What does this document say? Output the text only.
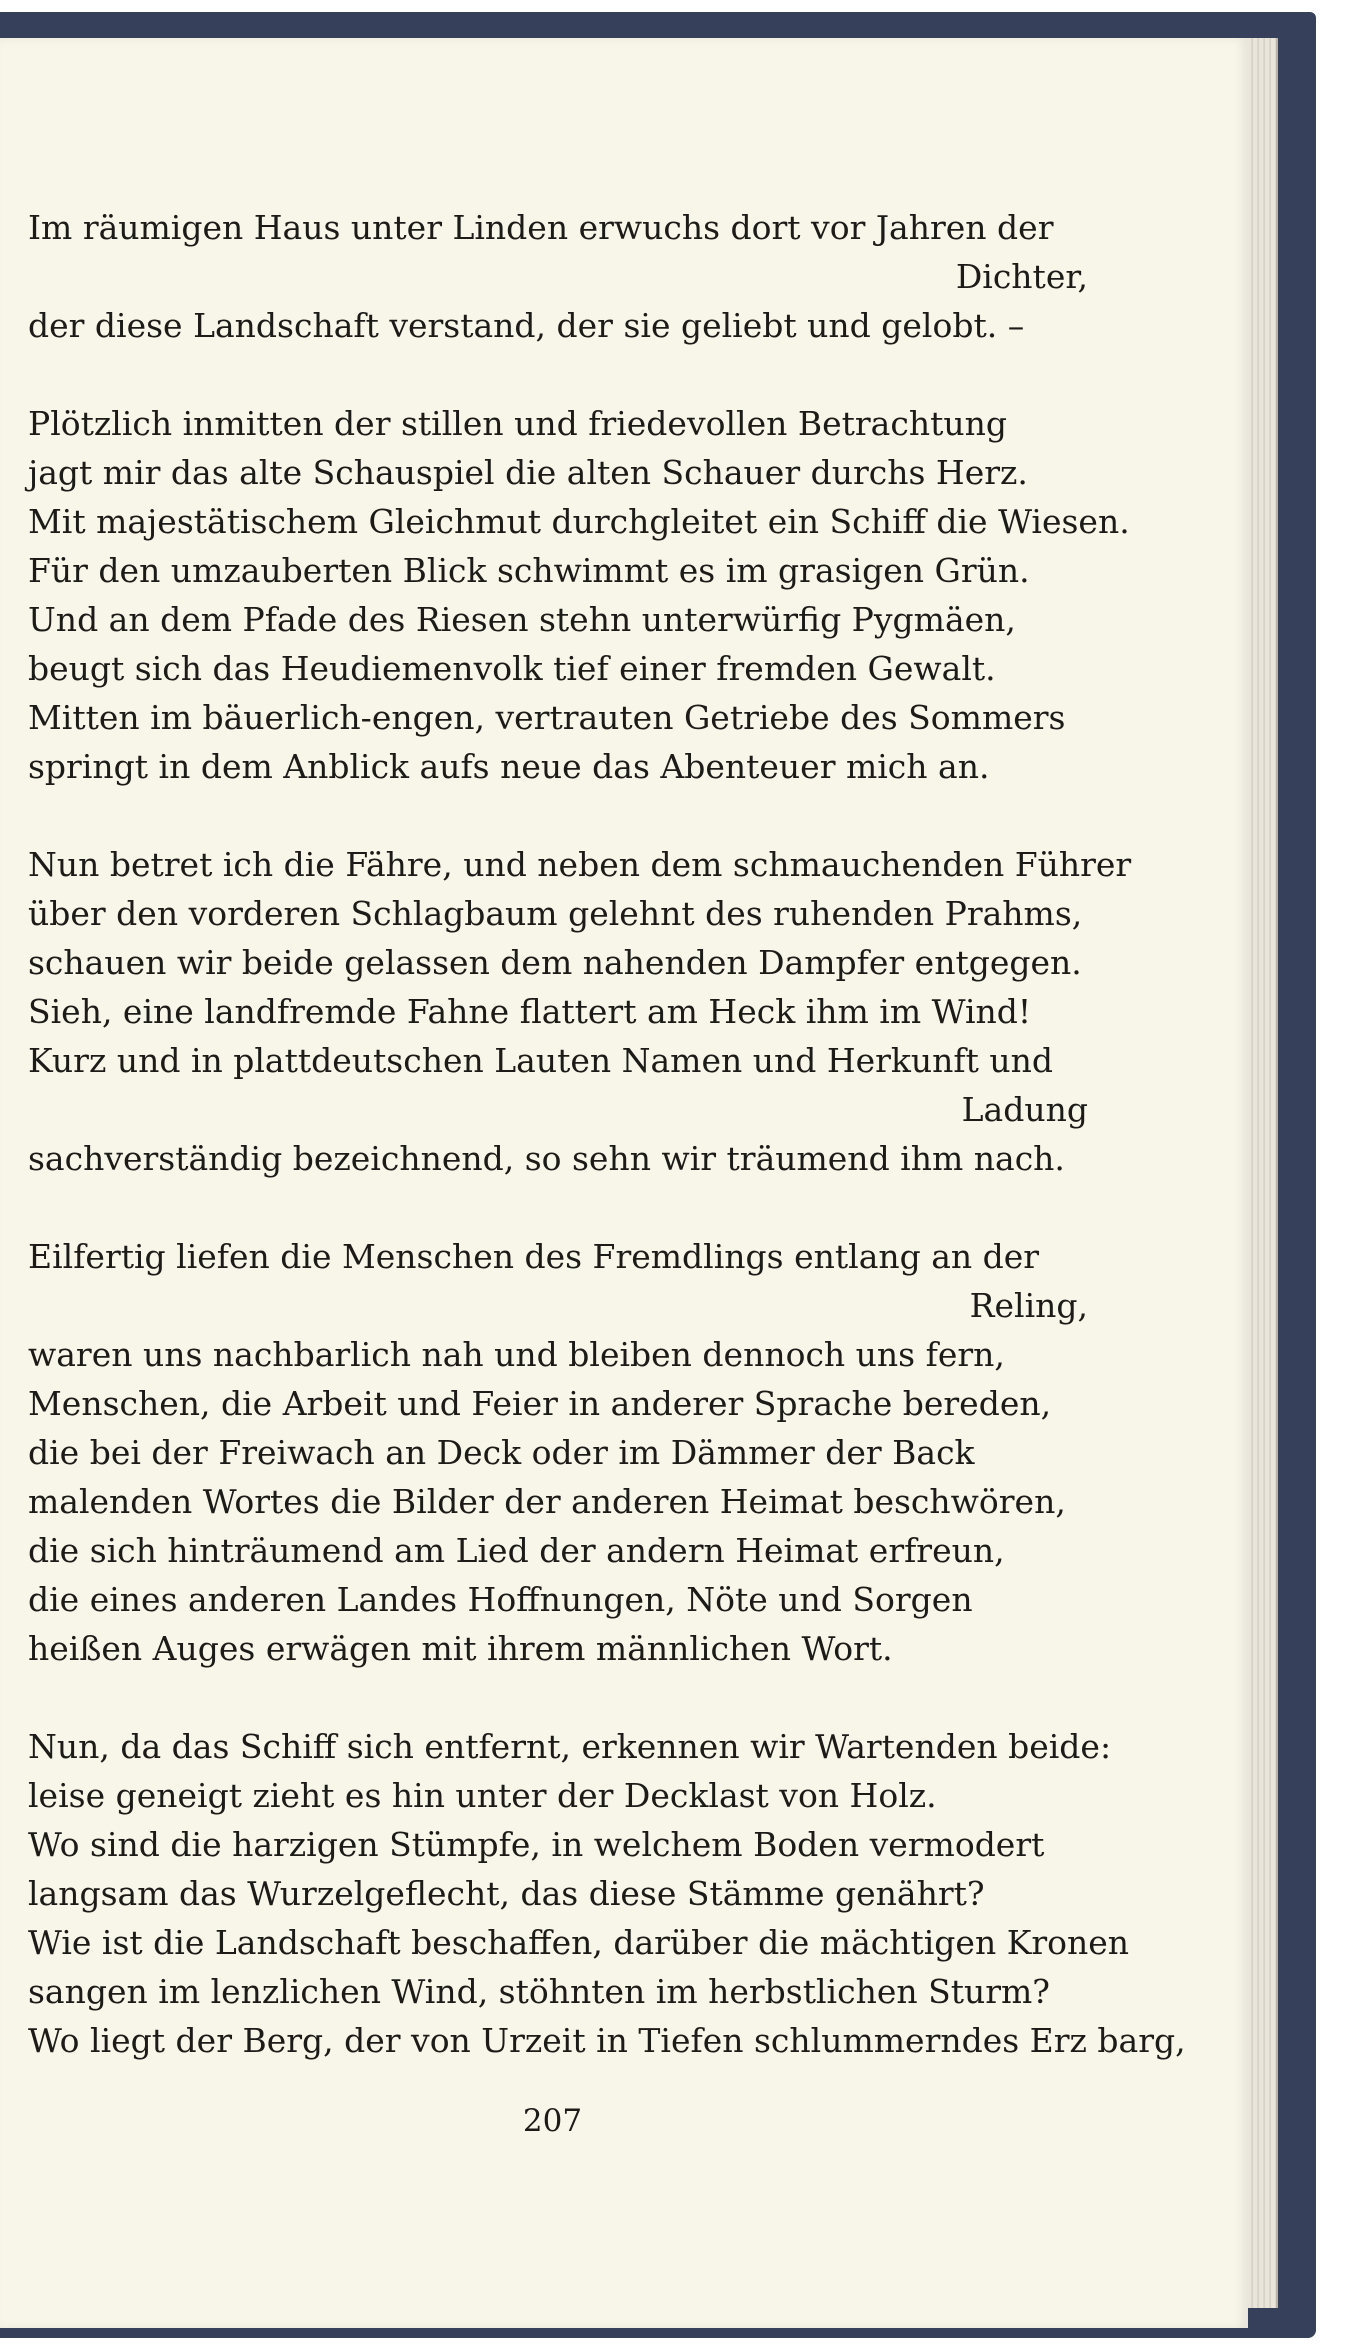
Im räumigen Haus unter Linden erwuchs dort vor Jahren der
Dichter,
der diese Landschaft verstand, der sie geliebt und gelobt. –
Plötzlich inmitten der stillen und friedevollen Betrachtung
jagt mir das alte Schauspiel die alten Schauer durchs Herz.
Mit majestätischem Gleichmut durchgleitet ein Schiff die Wiesen.
Für den umzauberten Blick schwimmt es im grasigen Grün.
Und an dem Pfade des Riesen stehn unterwürfig Pygmäen,
beugt sich das Heudiemenvolk tief einer fremden Gewalt.
Mitten im bäuerlich-engen, vertrauten Getriebe des Sommers
springt in dem Anblick aufs neue das Abenteuer mich an.
Nun betret ich die Fähre, und neben dem schmauchenden Führer
über den vorderen Schlagbaum gelehnt des ruhenden Prahms,
schauen wir beide gelassen dem nahenden Dampfer entgegen.
Sieh, eine landfremde Fahne flattert am Heck ihm im Wind!
Kurz und in plattdeutschen Lauten Namen und Herkunft und
Ladung
sachverständig bezeichnend, so sehn wir träumend ihm nach.
Eilfertig liefen die Menschen des Fremdlings entlang an der
Reling,
waren uns nachbarlich nah und bleiben dennoch uns fern,
Menschen, die Arbeit und Feier in anderer Sprache bereden,
die bei der Freiwach an Deck oder im Dämmer der Back
malenden Wortes die Bilder der anderen Heimat beschwören,
die sich hinträumend am Lied der andern Heimat erfreun,
die eines anderen Landes Hoffnungen, Nöte und Sorgen
heißen Auges erwägen mit ihrem männlichen Wort.
Nun, da das Schiff sich entfernt, erkennen wir Wartenden beide:
leise geneigt zieht es hin unter der Decklast von Holz.
Wo sind die harzigen Stümpfe, in welchem Boden vermodert
langsam das Wurzelgeflecht, das diese Stämme genährt?
Wie ist die Landschaft beschaffen, darüber die mächtigen Kronen
sangen im lenzlichen Wind, stöhnten im herbstlichen Sturm?
Wo liegt der Berg, der von Urzeit in Tiefen schlummerndes Erz barg,
207
